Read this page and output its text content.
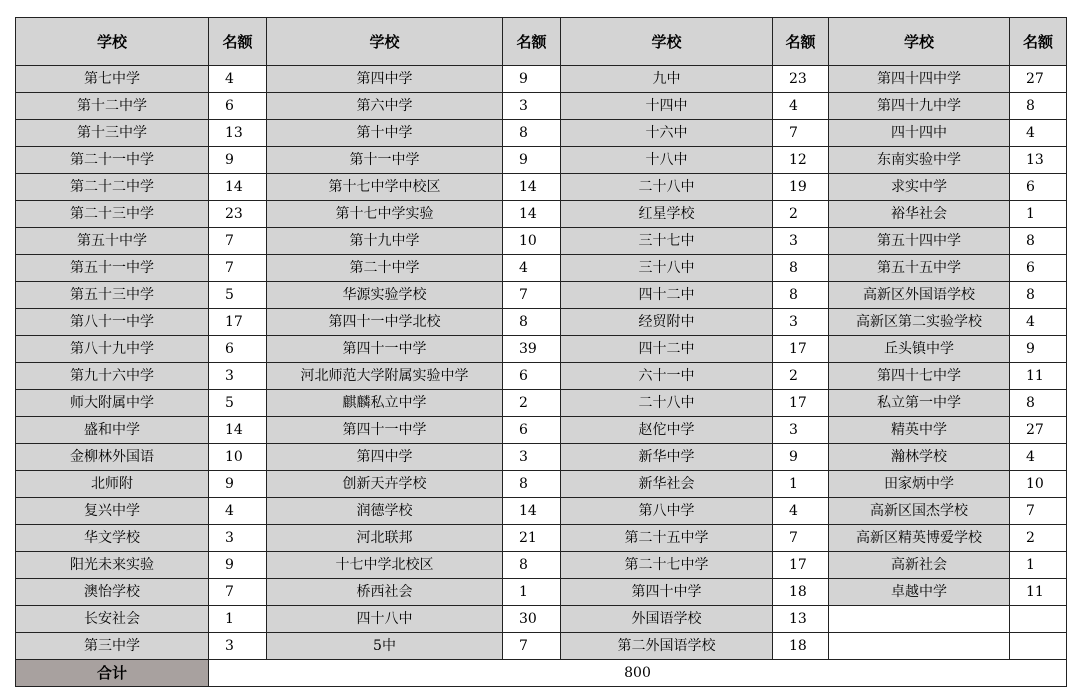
学校	名额	学校	名额	学校	名额	学校	名额
第七中学	4	第四中学	9	九中	23	第四十四中学	27
第十二中学	6	第六中学	3	十四中	4	第四十九中学	8
第十三中学	13	第十中学	8	十六中	7	四十四中	4
第二十一中学	9	第十一中学	9	十八中	12	东南实验中学	13
第二十二中学	14	第十七中学中校区	14	二十八中	19	求实中学	6
第二十三中学	23	第十七中学实验	14	红星学校	2	裕华社会	1
第五十中学	7	第十九中学	10	三十七中	3	第五十四中学	8
第五十一中学	7	第二十中学	4	三十八中	8	第五十五中学	6
第五十三中学	5	华源实验学校	7	四十二中	8	高新区外国语学校	8
第八十一中学	17	第四十一中学北校	8	经贸附中	3	高新区第二实验学校	4
第八十九中学	6	第四十一中学	39	四十二中	17	丘头镇中学	9
第九十六中学	3	河北师范大学附属实验中学	6	六十一中	2	第四十七中学	11
师大附属中学	5	麒麟私立中学	2	二十八中	17	私立第一中学	8
盛和中学	14	第四十一中学	6	赵佗中学	3	精英中学	27
金柳林外国语	10	第四中学	3	新华中学	9	瀚林学校	4
北师附	9	创新天卉学校	8	新华社会	1	田家炳中学	10
复兴中学	4	润德学校	14	第八中学	4	高新区国杰学校	7
华文学校	3	河北联邦	21	第二十五中学	7	高新区精英博爱学校	2
阳光未来实验	9	十七中学北校区	8	第二十七中学	17	高新社会	1
澳怡学校	7	桥西社会	1	第四十中学	18	卓越中学	11
长安社会	1	四十八中	30	外国语学校	13		
第三中学	3	5中	7	第二外国语学校	18		
合计	800						
